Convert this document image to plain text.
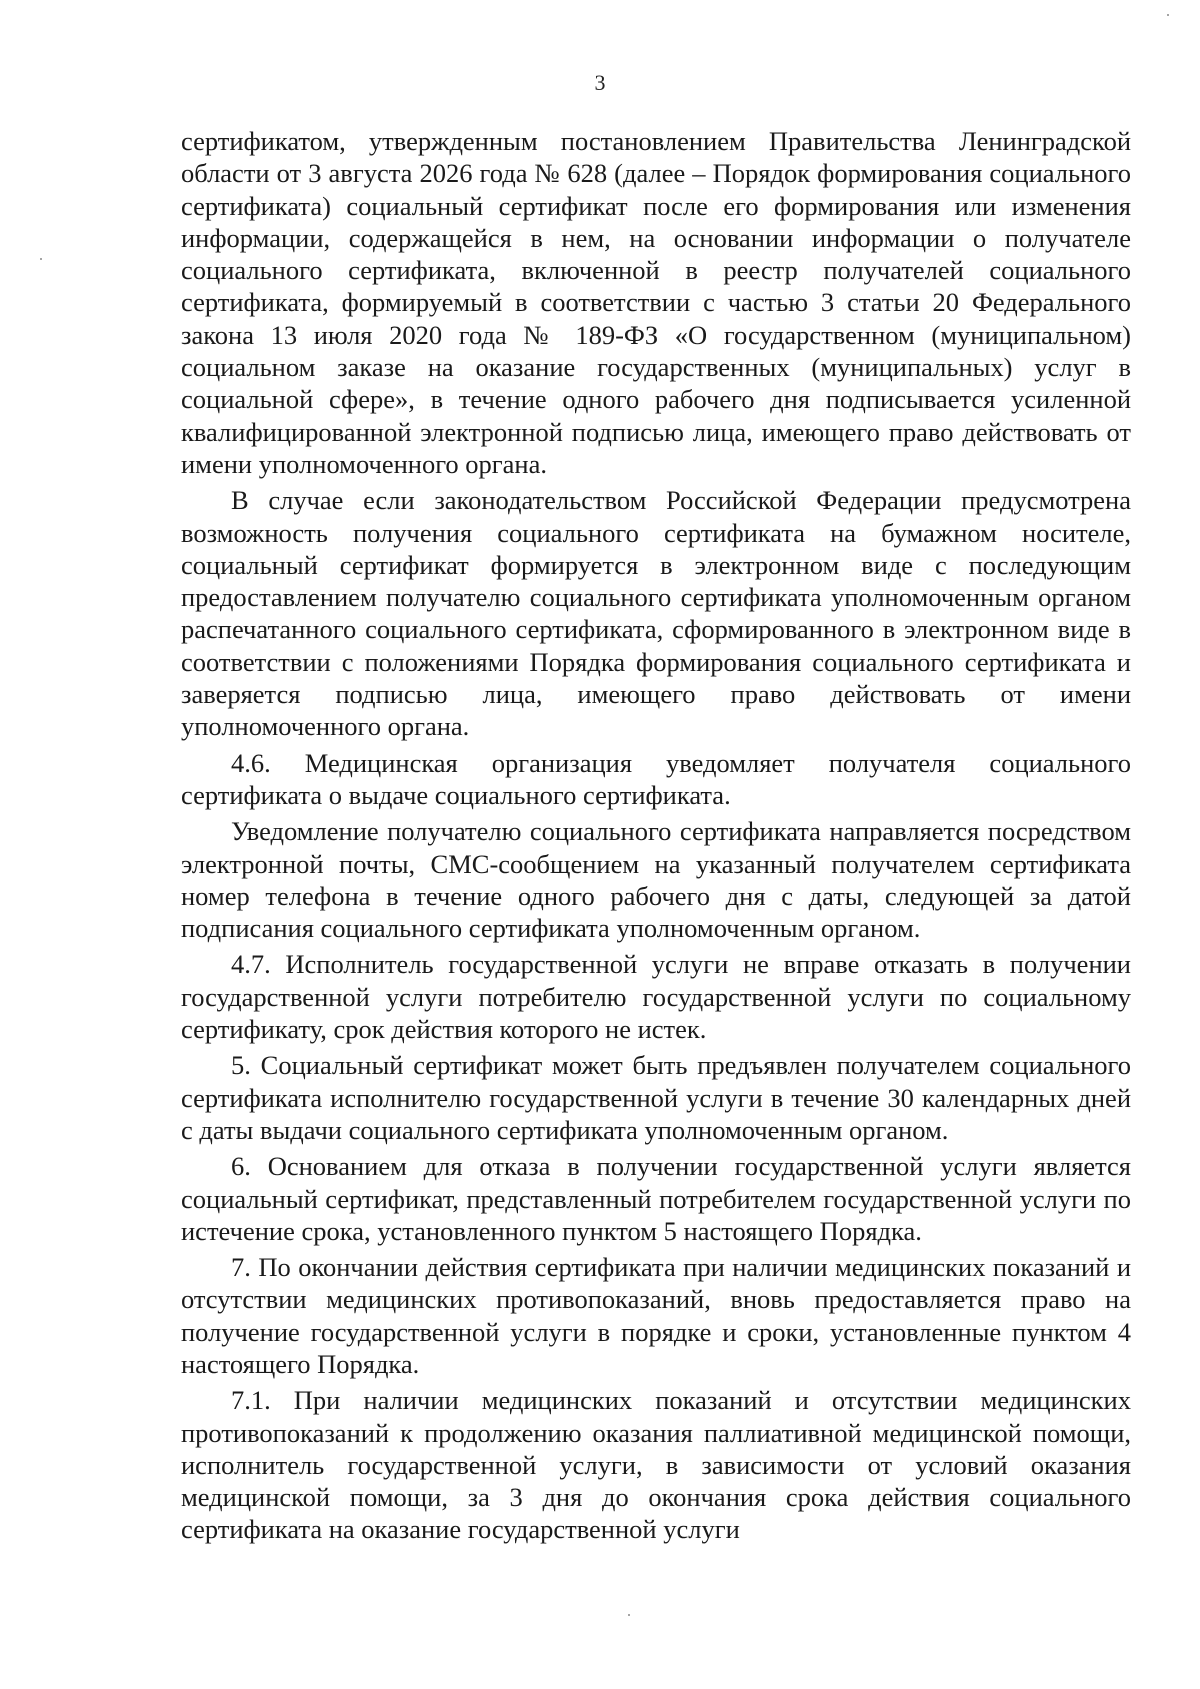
3

сертификатом, утвержденным постановлением Правительства Ленинградской области от 3 августа 2026 года № 628 (далее – Порядок формирования социального сертификата) социальный сертификат после его формирования или изменения информации, содержащейся в нем, на основании информации о получателе социального сертификата, включенной в реестр получателей социального сертификата, формируемый в соответствии с частью 3 статьи 20 Федерального закона 13 июля 2020 года № 189-ФЗ «О государственном (муниципальном) социальном заказе на оказание государственных (муниципальных) услуг в социальной сфере», в течение одного рабочего дня подписывается усиленной квалифицированной электронной подписью лица, имеющего право действовать от имени уполномоченного органа.

В случае если законодательством Российской Федерации предусмотрена возможность получения социального сертификата на бумажном носителе, социальный сертификат формируется в электронном виде с последующим предоставлением получателю социального сертификата уполномоченным органом распечатанного социального сертификата, сформированного в электронном виде в соответствии с положениями Порядка формирования социального сертификата и заверяется подписью лица, имеющего право действовать от имени уполномоченного органа.

4.6. Медицинская организация уведомляет получателя социального сертификата о выдаче социального сертификата.

Уведомление получателю социального сертификата направляется посредством электронной почты, СМС-сообщением на указанный получателем сертификата номер телефона в течение одного рабочего дня с даты, следующей за датой подписания социального сертификата уполномоченным органом.

4.7. Исполнитель государственной услуги не вправе отказать в получении государственной услуги потребителю государственной услуги по социальному сертификату, срок действия которого не истек.

5. Социальный сертификат может быть предъявлен получателем социального сертификата исполнителю государственной услуги в течение 30 календарных дней с даты выдачи социального сертификата уполномоченным органом.

6. Основанием для отказа в получении государственной услуги является социальный сертификат, представленный потребителем государственной услуги по истечение срока, установленного пунктом 5 настоящего Порядка.

7. По окончании действия сертификата при наличии медицинских показаний и отсутствии медицинских противопоказаний, вновь предоставляется право на получение государственной услуги в порядке и сроки, установленные пунктом 4 настоящего Порядка.

7.1. При наличии медицинских показаний и отсутствии медицинских противопоказаний к продолжению оказания паллиативной медицинской помощи, исполнитель государственной услуги, в зависимости от условий оказания медицинской помощи, за 3 дня до окончания срока действия социального сертификата на оказание государственной услуги
